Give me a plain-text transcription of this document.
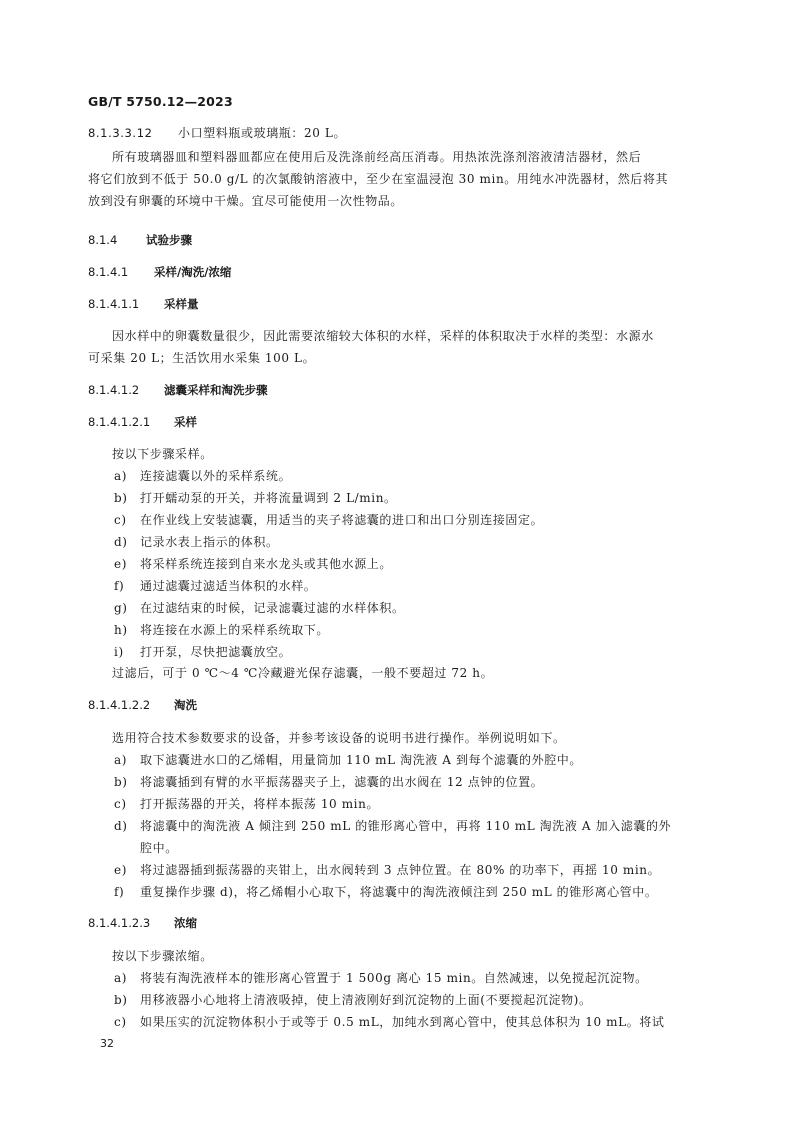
GB/T 5750.12—2023
8.1.3.3.12 小口塑料瓶或玻璃瓶：20 L。
所有玻璃器皿和塑料器皿都应在使用后及洗涤前经高压消毒。用热浓洗涤剂溶液清洁器材，然后
将它们放到不低于 50.0 g/L 的次氯酸钠溶液中，至少在室温浸泡 30 min。用纯水冲洗器材，然后将其
放到没有卵囊的环境中干燥。宜尽可能使用一次性物品。
8.1.4 试验步骤
8.1.4.1 采样/淘洗/浓缩
8.1.4.1.1 采样量
因水样中的卵囊数量很少，因此需要浓缩较大体积的水样，采样的体积取决于水样的类型：水源水
可采集 20 L；生活饮用水采集 100 L。
8.1.4.1.2 滤囊采样和淘洗步骤
8.1.4.1.2.1 采样
按以下步骤采样。
a) 连接滤囊以外的采样系统。
b) 打开蠕动泵的开关，并将流量调到 2 L/min。
c) 在作业线上安装滤囊，用适当的夹子将滤囊的进口和出口分别连接固定。
d) 记录水表上指示的体积。
e) 将采样系统连接到自来水龙头或其他水源上。
f) 通过滤囊过滤适当体积的水样。
g) 在过滤结束的时候，记录滤囊过滤的水样体积。
h) 将连接在水源上的采样系统取下。
i) 打开泵，尽快把滤囊放空。
过滤后，可于 0 ℃～4 ℃冷藏避光保存滤囊，一般不要超过 72 h。
8.1.4.1.2.2 淘洗
选用符合技术参数要求的设备，并参考该设备的说明书进行操作。举例说明如下。
a) 取下滤囊进水口的乙烯帽，用量筒加 110 mL 淘洗液 A 到每个滤囊的外腔中。
b) 将滤囊插到有臂的水平振荡器夹子上，滤囊的出水阀在 12 点钟的位置。
c) 打开振荡器的开关，将样本振荡 10 min。
d) 将滤囊中的淘洗液 A 倾注到 250 mL 的锥形离心管中，再将 110 mL 淘洗液 A 加入滤囊的外
腔中。
e) 将过滤器插到振荡器的夹钳上，出水阀转到 3 点钟位置。在 80% 的功率下，再摇 10 min。
f) 重复操作步骤 d)，将乙烯帽小心取下，将滤囊中的淘洗液倾注到 250 mL 的锥形离心管中。
8.1.4.1.2.3 浓缩
按以下步骤浓缩。
a) 将装有淘洗液样本的锥形离心管置于 1 500g 离心 15 min。自然减速，以免搅起沉淀物。
b) 用移液器小心地将上清液吸掉，使上清液刚好到沉淀物的上面(不要搅起沉淀物)。
c) 如果压实的沉淀物体积小于或等于 0.5 mL，加纯水到离心管中，使其总体积为 10 mL。将试
32
